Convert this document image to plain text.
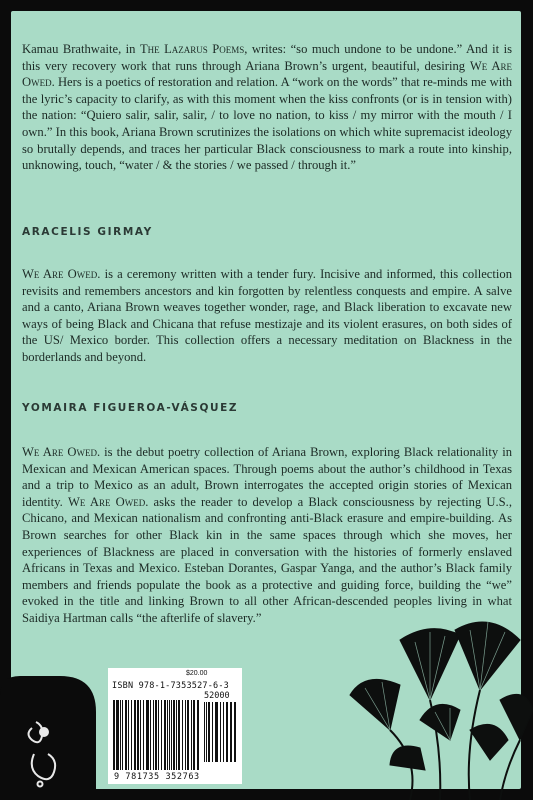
Kamau Brathwaite, in The Lazarus Poems, writes: “so much undone to be undone.” And it is this very recovery work that runs through Ariana Brown’s urgent, beautiful, desiring We Are Owed. Hers is a poetics of restoration and relation. A “work on the words” that re-minds me with the lyric’s capacity to clarify, as with this moment when the kiss confronts (or is in tension with) the nation: “Quiero salir, salir, salir, / to love no nation, to kiss / my mirror with the mouth / I own.” In this book, Ariana Brown scrutinizes the isolations on which white supremacist ideology so brutally depends, and traces her particular Black consciousness to mark a route into kinship, unknowing, touch, “water / & the stories / we passed / through it.”

ARACELIS GIRMAY

We Are Owed. is a ceremony written with a tender fury. Incisive and informed, this collection revisits and remembers ancestors and kin forgotten by relentless conquests and empire. A salve and a canto, Ariana Brown weaves together wonder, rage, and Black liberation to excavate new ways of being Black and Chicana that refuse mestizaje and its violent erasures, on both sides of the US/ Mexico border. This collection offers a necessary meditation on Blackness in the borderlands and beyond.

YOMAIRA FIGUEROA-VÁSQUEZ

We Are Owed. is the debut poetry collection of Ariana Brown, exploring Black relationality in Mexican and Mexican American spaces. Through poems about the author’s childhood in Texas and a trip to Mexico as an adult, Brown interrogates the accepted origin stories of Mexican identity. We Are Owed. asks the reader to develop a Black consciousness by rejecting U.S., Chicano, and Mexican nationalism and confronting anti-Black erasure and empire-building. As Brown searches for other Black kin in the same spaces through which she moves, her experiences of Blackness are placed in conversation with the histories of formerly enslaved Africans in Texas and Mexico. Esteban Dorantes, Gaspar Yanga, and the author’s Black family members and friends populate the book as a protective and guiding force, building the “we” evoked in the title and linking Brown to all other African-descended peoples living in what Saidiya Hartman calls “the afterlife of slavery.”

$20.00
ISBN 978-1-7353527-6-3
52000
9 781735 352763
